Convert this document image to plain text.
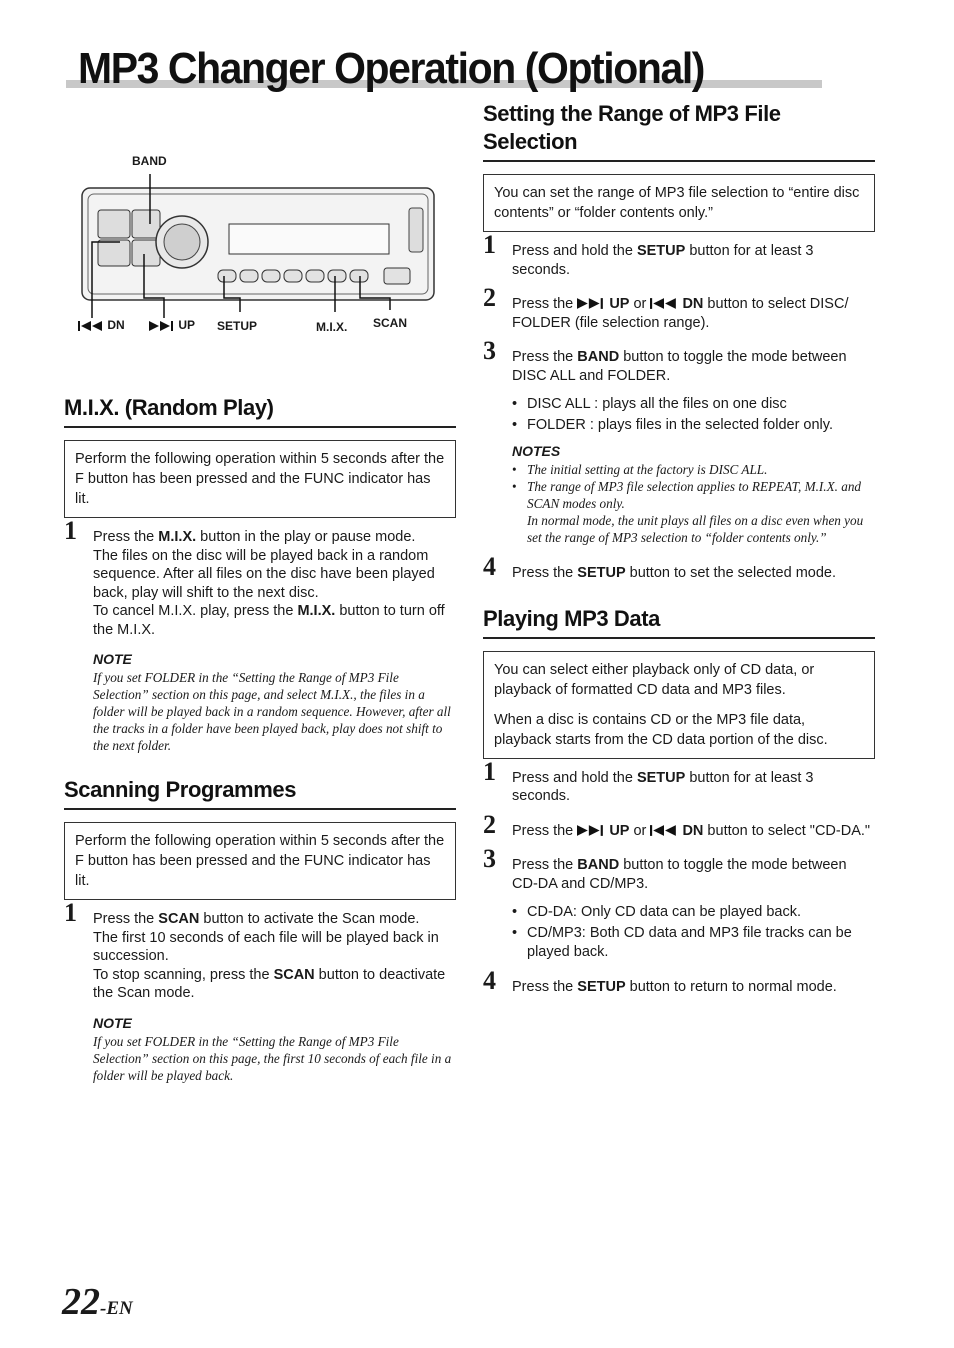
MP3 Changer Operation (Optional)
BAND
DN	UP SETUP	M.I.X. SCAN
M.I.X. (Random Play)

Perform the following operation within 5 seconds after the F button has been pressed and the FUNC indicator has lit.

1 Press the M.I.X. button in the play or pause mode.

The files on the disc will be played back in a random sequence. After all files on the disc have been played back, play will shift to the next disc.

To cancel M.I.X. play, press the M.I.X. button to turn off the M.I.X.

NOTE

If you set FOLDER in the “Setting the Range of MP3 File Selection” section on this page, and select M.I.X., the files in a folder will be played back in a random sequence. However, after all the tracks in a folder have been played back, play does not shift to the next folder.

Scanning Programmes

Perform the following operation within 5 seconds after the F button has been pressed and the FUNC indicator has lit.

1 Press the SCAN button to activate the Scan mode.

The first 10 seconds of each file will be played back in succession.

To stop scanning, press the SCAN button to deactivate the Scan mode.

NOTE

If you set FOLDER in the “Setting the Range of MP3 File Selection” section on this page, the first 10 seconds of each file in a folder will be played back.

Setting the Range of MP3 File Selection

You can set the range of MP3 file selection to “entire disc contents” or “folder contents only.”

1 Press and hold the SETUP button for at least 3 seconds.

2 Press the  UP or  DN button to select DISC/ FOLDER (file selection range).

3 Press the BAND button to toggle the mode between DISC ALL and FOLDER.

• DISC ALL : plays all the files on one disc
• FOLDER : plays files in the selected folder only.
NOTES
• The initial setting at the factory is DISC ALL.
• The range of MP3 file selection applies to REPEAT, M.I.X. and SCAN modes only.
In normal mode, the unit plays all files on a disc even when you set the range of MP3 selection to “folder contents only.”
4 Press the SETUP button to set the selected mode.

Playing MP3 Data

You can select either playback only of CD data, or playback of formatted CD data and MP3 files.

When a disc is contains CD or the MP3 file data, playback starts from the CD data portion of the disc.

1 Press and hold the SETUP button for at least 3 seconds.

2 Press the  UP or  DN button to select "CD-DA."

3 Press the BAND button to toggle the mode between CD-DA and CD/MP3.

• CD-DA: Only CD data can be played back.
• CD/MP3: Both CD data and MP3 file tracks can be played back.
4 Press the SETUP button to return to normal mode.

22-EN
